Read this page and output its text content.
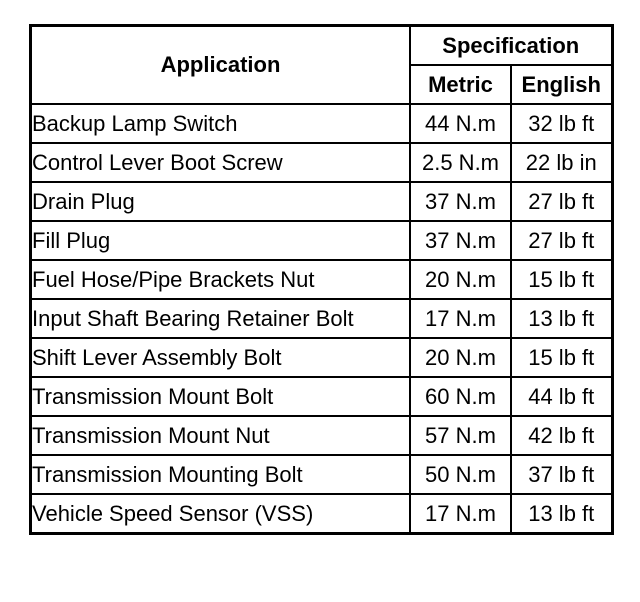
Application	Specification	
	Metric	English
Backup Lamp Switch	44 N.m	32 lb ft
Control Lever Boot Screw	2.5 N.m	22 lb in
Drain Plug	37 N.m	27 lb ft
Fill Plug	37 N.m	27 lb ft
Fuel Hose/Pipe Brackets Nut	20 N.m	15 lb ft
Input Shaft Bearing Retainer Bolt	17 N.m	13 lb ft
Shift Lever Assembly Bolt	20 N.m	15 lb ft
Transmission Mount Bolt	60 N.m	44 lb ft
Transmission Mount Nut	57 N.m	42 lb ft
Transmission Mounting Bolt	50 N.m	37 lb ft
Vehicle Speed Sensor (VSS)	17 N.m	13 lb ft
